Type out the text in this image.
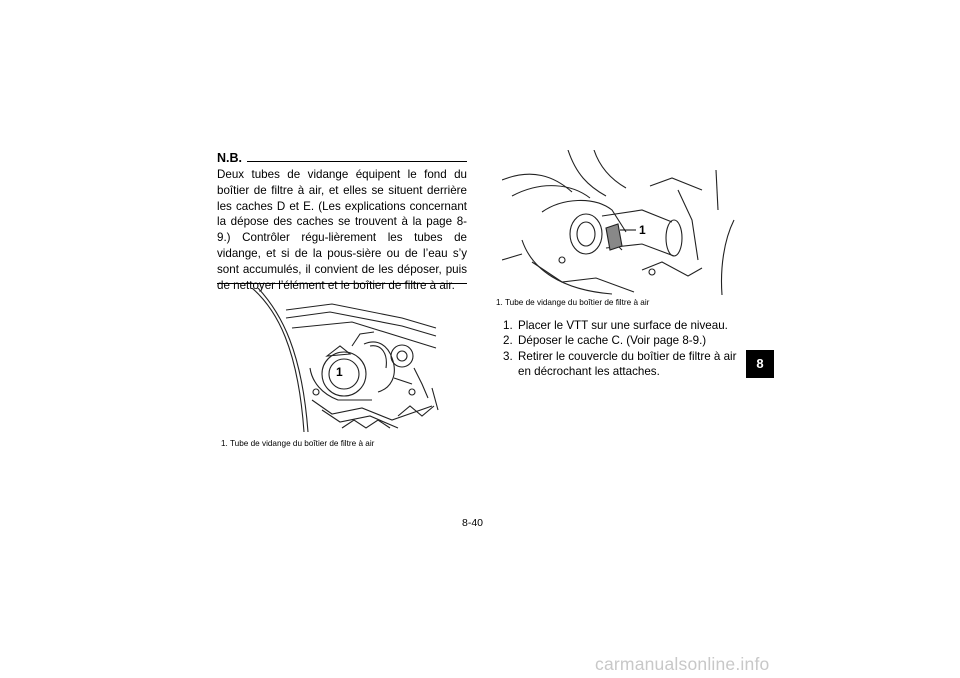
N.B.
Deux tubes de vidange équipent le fond du boîtier de filtre à air, et elles se situent derrière les caches D et E. (Les explications concernant la dépose des caches se trouvent à la page 8-9.) Contrôler régu-lièrement les tubes de vidange, et si de la pous-sière ou de l’eau s’y sont accumulés, il convient de les déposer, puis de nettoyer l’élément et le boîtier de filtre à air.
1
1. Tube de vidange du boîtier de filtre à air
1
1. Tube de vidange du boîtier de filtre à air
1. Placer le VTT sur une surface de niveau.
2. Déposer le cache C. (Voir page 8-9.)
3. Retirer le couvercle du boîtier de filtre à air en décrochant les attaches.
8
8-40
carmanualsonline.info
